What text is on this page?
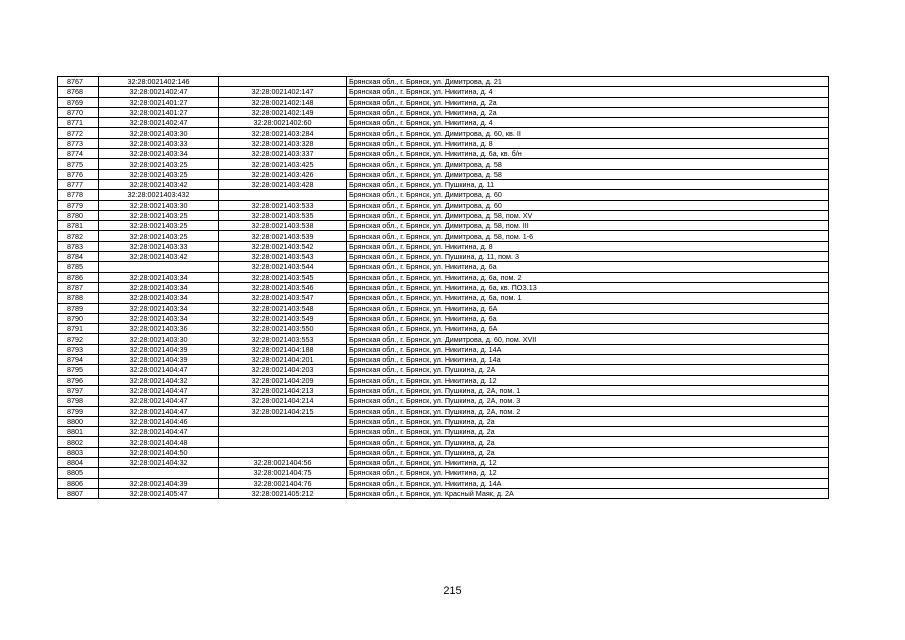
8767	32:28:0021402:146		Брянская обл., г. Брянск, ул. Димитрова, д. 21
8768	32:28:0021402:47	32:28:0021402:147	Брянская обл., г. Брянск, ул. Никитина, д. 4
8769	32:28:0021401:27	32:28:0021402:148	Брянская обл., г. Брянск, ул. Никитина, д. 2а
8770	32:28:0021401:27	32:28:0021402:149	Брянская обл., г. Брянск, ул. Никитина, д. 2а
8771	32:28:0021402:47	32:28:0021402:60	Брянская обл., г. Брянск, ул. Никитина, д. 4
8772	32:28:0021403:30	32:28:0021403:284	Брянская обл., г. Брянск, ул. Димитрова, д. 60, кв. II
8773	32:28:0021403:33	32:28:0021403:328	Брянская обл., г. Брянск, ул. Никитина, д. 8
8774	32:28:0021403:34	32:28:0021403:337	Брянская обл., г. Брянск, ул. Никитина, д. 6а, кв. б/н
8775	32:28:0021403:25	32:28:0021403:425	Брянская обл., г. Брянск, ул. Димитрова, д. 58
8776	32:28:0021403:25	32:28:0021403:426	Брянская обл., г. Брянск, ул. Димитрова, д. 58
8777	32:28:0021403:42	32:28:0021403:428	Брянская обл., г. Брянск, ул. Пушкина, д. 11
8778	32:28:0021403:432		Брянская обл., г. Брянск, ул. Димитрова, д. 60
8779	32:28:0021403:30	32:28:0021403:533	Брянская обл., г. Брянск, ул. Димитрова, д. 60
8780	32:28:0021403:25	32:28:0021403:535	Брянская обл., г. Брянск, ул. Димитрова, д. 58, пом. XV
8781	32:28:0021403:25	32:28:0021403:538	Брянская обл., г. Брянск, ул. Димитрова, д. 58, пом. III
8782	32:28:0021403:25	32:28:0021403:539	Брянская обл., г. Брянск, ул. Димитрова, д. 58, пом. 1-6
8783	32:28:0021403:33	32:28:0021403:542	Брянская обл., г. Брянск, ул. Никитина, д. 8
8784	32:28:0021403:42	32:28:0021403:543	Брянская обл., г. Брянск, ул. Пушкина, д. 11, пом. 3
8785		32:28:0021403:544	Брянская обл., г. Брянск, ул. Никитина, д. 6а
8786	32:28:0021403:34	32:28:0021403:545	Брянская обл., г. Брянск, ул. Никитина, д. 6а, пом. 2
8787	32:28:0021403:34	32:28:0021403:546	Брянская обл., г. Брянск, ул. Никитина, д. 6а, кв. ПОЗ.13
8788	32:28:0021403:34	32:28:0021403:547	Брянская обл., г. Брянск, ул. Никитина, д. 6а, пом. 1
8789	32:28:0021403:34	32:28:0021403:548	Брянская обл., г. Брянск, ул. Никитина, д. 6А
8790	32:28:0021403:34	32:28:0021403:549	Брянская обл., г. Брянск, ул. Никитина, д. 6а
8791	32:28:0021403:36	32:28:0021403:550	Брянская обл., г. Брянск, ул. Никитина, д. 6А
8792	32:28:0021403:30	32:28:0021403:553	Брянская обл., г. Брянск, ул. Димитрова, д. 60, пом. XVII
8793	32:28:0021404:39	32:28:0021404:188	Брянская обл., г. Брянск, ул. Никитина, д. 14А
8794	32:28:0021404:39	32:28:0021404:201	Брянская обл., г. Брянск, ул. Никитина, д. 14а
8795	32:28:0021404:47	32:28:0021404:203	Брянская обл., г. Брянск, ул. Пушкина, д. 2А
8796	32:28:0021404:32	32:28:0021404:209	Брянская обл., г. Брянск, ул. Никитина, д. 12
8797	32:28:0021404:47	32:28:0021404:213	Брянская обл., г. Брянск, ул. Пушкина, д. 2А, пом. 1
8798	32:28:0021404:47	32:28:0021404:214	Брянская обл., г. Брянск, ул. Пушкина, д. 2А, пом. 3
8799	32:28:0021404:47	32:28:0021404:215	Брянская обл., г. Брянск, ул. Пушкина, д. 2А, пом. 2
8800	32:28:0021404:46		Брянская обл., г. Брянск, ул. Пушкина, д. 2а
8801	32:28:0021404:47		Брянская обл., г. Брянск, ул. Пушкина, д. 2а
8802	32:28:0021404:48		Брянская обл., г. Брянск, ул. Пушкина, д. 2а
8803	32:28:0021404:50		Брянская обл., г. Брянск, ул. Пушкина, д. 2а
8804	32:28:0021404:32	32:28:0021404:56	Брянская обл., г. Брянск, ул. Никитина, д. 12
8805		32:28:0021404:75	Брянская обл., г. Брянск, ул. Никитина, д. 12
8806	32:28:0021404:39	32:28:0021404:76	Брянская обл., г. Брянск, ул. Никитина, д. 14А
8807	32:28:0021405:47	32:28:0021405:212	Брянская обл., г. Брянск, ул. Красный Маяк, д. 2А
215
